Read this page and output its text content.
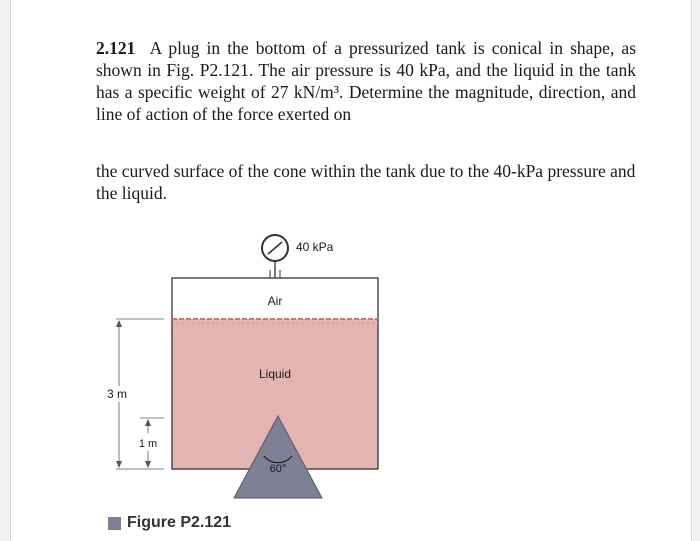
2.121 A plug in the bottom of a pressurized tank is conical in shape, as shown in Fig. P2.121. The air pressure is 40 kPa, and the liquid in the tank has a specific weight of 27 kN/m³. Determine the magnitude, direction, and line of action of the force exerted on
the curved surface of the cone within the tank due to the 40-kPa pressure and the liquid.
40 kPa
Air
Liquid
60°
3 m
1 m
Figure P2.121
